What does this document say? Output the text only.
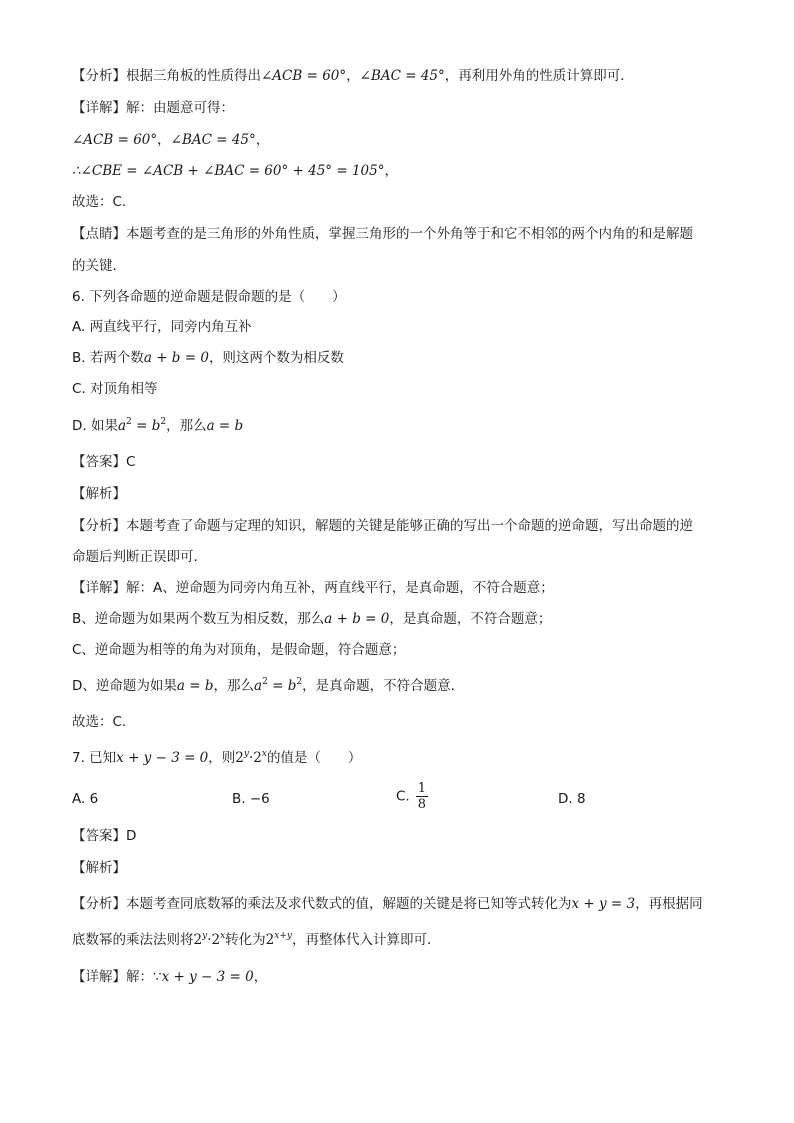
【分析】根据三角板的性质得出∠ACB = 60°，∠BAC = 45°，再利用外角的性质计算即可．
【详解】解：由题意可得：
∠ACB = 60°，∠BAC = 45°，
∴∠CBE = ∠ACB + ∠BAC = 60° + 45° = 105°，
故选：C．
【点睛】本题考查的是三角形的外角性质，掌握三角形的一个外角等于和它不相邻的两个内角的和是解题
的关键．
6. 下列各命题的逆命题是假命题的是（　　）
A. 两直线平行，同旁内角互补
B. 若两个数a + b = 0，则这两个数为相反数
C. 对顶角相等
D. 如果$a^2 = b^2$，那么a = b
【答案】C
【解析】
【分析】本题考查了命题与定理的知识，解题的关键是能够正确的写出一个命题的逆命题，写出命题的逆
命题后判断正误即可．
【详解】解：A、逆命题为同旁内角互补，两直线平行，是真命题，不符合题意；
B、逆命题为如果两个数互为相反数，那么a + b = 0，是真命题，不符合题意；
C、逆命题为相等的角为对顶角，是假命题，符合题意；
D、逆命题为如果a = b，那么$a^2 = b^2$，是真命题，不符合题意．
故选：C．
7. 已知x + y − 3 = 0，则$2^y\cdot 2^x$的值是（　　）
A. 6	B. −6	C. $\frac{1}{8}$	D. 8
【答案】D
【解析】
【分析】本题考查同底数幂的乘法及求代数式的值，解题的关键是将已知等式转化为x + y = 3，再根据同
底数幂的乘法法则将$2^y\cdot 2^x$转化为$2^{x+y}$，再整体代入计算即可．
【详解】解：∵x + y − 3 = 0，
